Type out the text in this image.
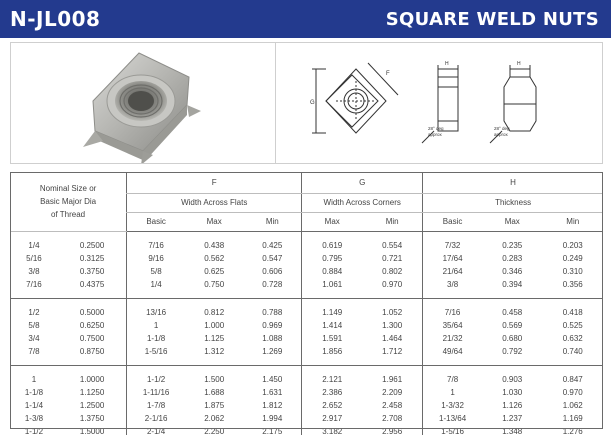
N-JL008	SQUARE WELD NUTS
G
F
H
28° deg
approx
H
28° deg
approx
Nominal Size or
Basic Major Dia
of Thread		F			G		H		
		Width Across Flats			Width Across Corners		Thickness		
		Basic	Max	Min	Max	Min	Basic	Max	Min
1/4	0.2500	7/16	0.438	0.425	0.619	0.554	7/32	0.235	0.203
5/16	0.3125	9/16	0.562	0.547	0.795	0.721	17/64	0.283	0.249
3/8	0.3750	5/8	0.625	0.606	0.884	0.802	21/64	0.346	0.310
7/16	0.4375	1/4	0.750	0.728	1.061	0.970	3/8	0.394	0.356
1/2	0.5000	13/16	0.812	0.788	1.149	1.052	7/16	0.458	0.418
5/8	0.6250	1	1.000	0.969	1.414	1.300	35/64	0.569	0.525
3/4	0.7500	1-1/8	1.125	1.088	1.591	1.464	21/32	0.680	0.632
7/8	0.8750	1-5/16	1.312	1.269	1.856	1.712	49/64	0.792	0.740
1	1.0000	1-1/2	1.500	1.450	2.121	1.961	7/8	0.903	0.847
1-1/8	1.1250	1-11/16	1.688	1.631	2.386	2.209	1	1.030	0.970
1-1/4	1.2500	1-7/8	1.875	1.812	2.652	2.458	1-3/32	1.126	1.062
1-3/8	1.3750	2-1/16	2.062	1.994	2.917	2.708	1-13/64	1.237	1.169
1-1/2	1.5000	2-1/4	2.250	2.175	3.182	2.956	1-5/16	1.348	1.276
